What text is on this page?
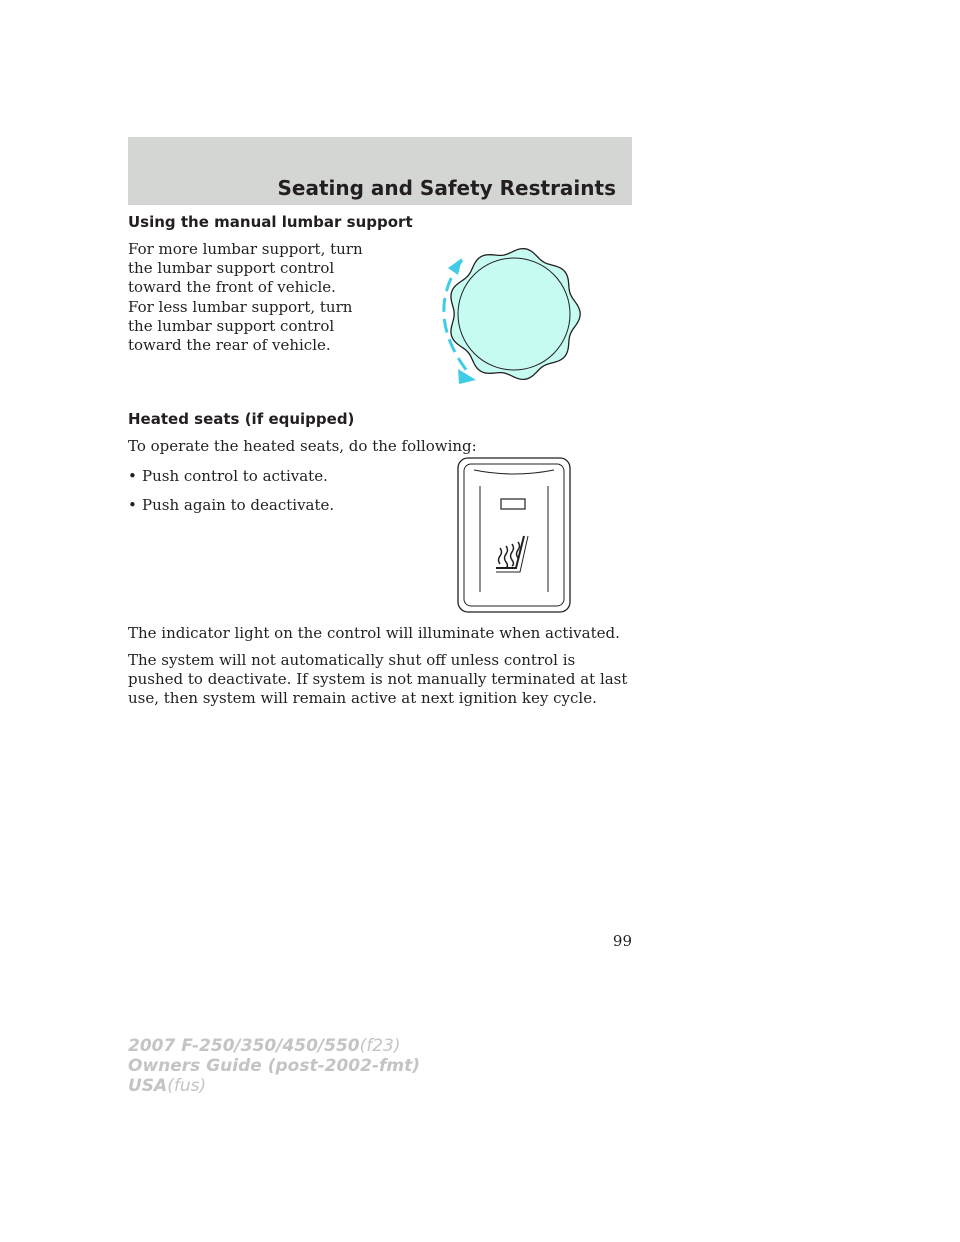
Seating and Safety Restraints
Using the manual lumbar support

For more lumbar support, turn the lumbar support control toward the front of vehicle.

For less lumbar support, turn the lumbar support control toward the rear of vehicle.

Heated seats (if equipped)

To operate the heated seats, do the following:

• Push control to activate.
• Push again to deactivate.

The indicator light on the control will illuminate when activated.

The system will not automatically shut off unless control is pushed to deactivate. If system is not manually terminated at last use, then system will remain active at next ignition key cycle.

99
2007 F-250/350/450/550(f23)
Owners Guide (post-2002-fmt)
USA(fus)
